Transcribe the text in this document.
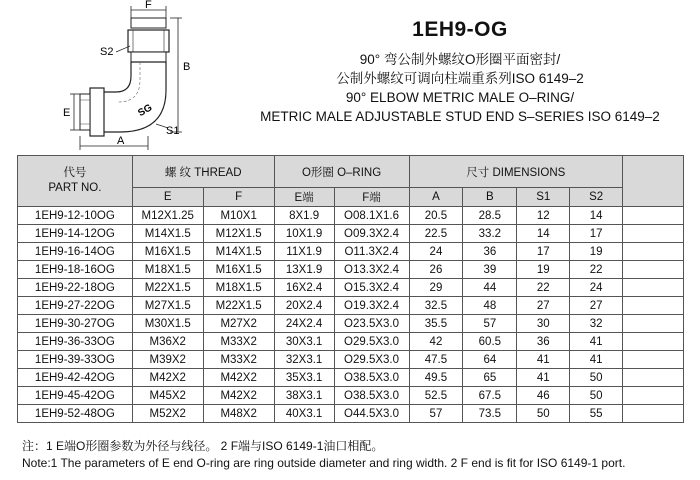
F
S2
SG
E
B
A
S1
1EH9-OG
90° 弯公制外螺纹O形圈平面密封/
公制外螺纹可调向柱端重系列ISO 6149–2
90° ELBOW METRIC MALE O–RING/
METRIC MALE ADJUSTABLE STUD END S–SERIES ISO 6149–2
代号
PART NO.	螺 纹 THREAD		O形圈 O–RING		尺寸 DIMENSIONS				
	E	F	E端	F端	A	B	S1	S2	
1EH9-12-10OG	M12X1.25	M10X1	8X1.9	O08.1X1.6	20.5	28.5	12	14	
1EH9-14-12OG	M14X1.5	M12X1.5	10X1.9	O09.3X2.4	22.5	33.2	14	17	
1EH9-16-14OG	M16X1.5	M14X1.5	11X1.9	O11.3X2.4	24	36	17	19	
1EH9-18-16OG	M18X1.5	M16X1.5	13X1.9	O13.3X2.4	26	39	19	22	
1EH9-22-18OG	M22X1.5	M18X1.5	16X2.4	O15.3X2.4	29	44	22	24	
1EH9-27-22OG	M27X1.5	M22X1.5	20X2.4	O19.3X2.4	32.5	48	27	27	
1EH9-30-27OG	M30X1.5	M27X2	24X2.4	O23.5X3.0	35.5	57	30	32	
1EH9-36-33OG	M36X2	M33X2	30X3.1	O29.5X3.0	42	60.5	36	41	
1EH9-39-33OG	M39X2	M33X2	32X3.1	O29.5X3.0	47.5	64	41	41	
1EH9-42-42OG	M42X2	M42X2	35X3.1	O38.5X3.0	49.5	65	41	50	
1EH9-45-42OG	M45X2	M42X2	38X3.1	O38.5X3.0	52.5	67.5	46	50	
1EH9-52-48OG	M52X2	M48X2	40X3.1	O44.5X3.0	57	73.5	50	55	
注：1 E端O形圈参数为外径与线径。 2 F端与ISO 6149-1油口相配。
Note:1 The parameters of E end O-ring are ring outside diameter and ring width. 2 F end is fit for ISO 6149-1 port.
